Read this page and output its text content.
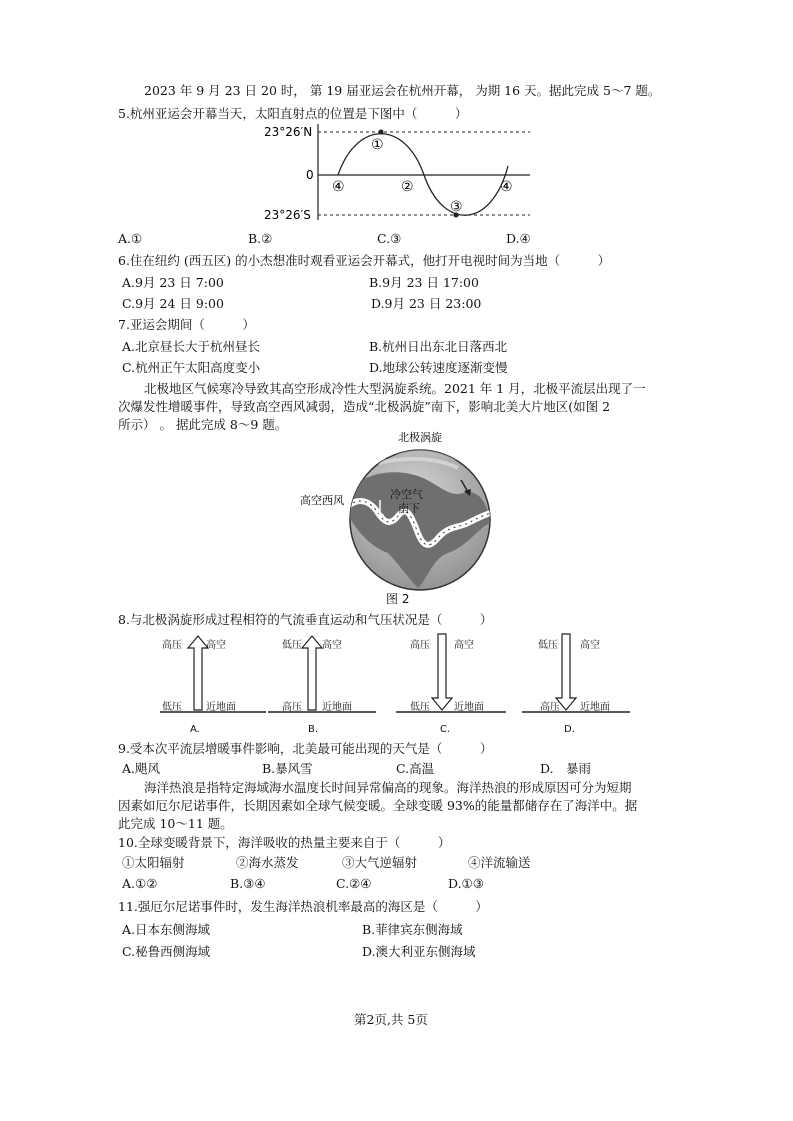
2023 年 9 月 23 日 20 时， 第 19 届亚运会在杭州开幕， 为期 16 天。据此完成 5～7 题。
5.杭州亚运会开幕当天，太阳直射点的位置是下图中（　　　）
23°26′N
0
23°26′S
①
④	②
③
④
A.①	B.②	C.③	D.④
6.住在纽约 (西五区) 的小杰想准时观看亚运会开幕式，他打开电视时间为当地（　　　）
A.9月 23 日 7:00	B.9月 23 日 17:00
C.9月 24 日 9:00	D.9月 23 日 23:00
7.亚运会期间（　　　）
A.北京昼长大于杭州昼长	B.杭州日出东北日落西北
C.杭州正午太阳高度变小	D.地球公转速度逐渐变慢
北极地区气候寒冷导致其高空形成冷性大型涡旋系统。2021 年 1 月，北极平流层出现了一
次爆发性增暖事件，导致高空西风减弱，造成“北极涡旋”南下，影响北美大片地区(如图 2
所示） 。 据此完成 8～9 题。
北极涡旋
高空西风	冷空气
南下
图 2
8.与北极涡旋形成过程相符的气流垂直运动和气压状况是（　　　）
高压 高空
低压 近地面
A.
低压 高空
高压 近地面
B.
高压 高空
低压 近地面
C.
低压 高空
高压 近地面
D.
9.受本次平流层增暖事件影响，北美最可能出现的天气是（　　　）
A.飓风	B.暴风雪	C.高温	D.　暴雨
海洋热浪是指特定海域海水温度长时间异常偏高的现象。海洋热浪的形成原因可分为短期
因素如厄尔尼诺事件，长期因素如全球气候变暖。全球变暖 93%的能量都储存在了海洋中。据
此完成 10～11 题。
10.全球变暖背景下，海洋吸收的热量主要来自于（　　　）
①太阳辐射	②海水蒸发	③大气逆辐射	④洋流输送
A.①②	B.③④	C.②④	D.①③
11.强厄尔尼诺事件时，发生海洋热浪机率最高的海区是（　　　）
A.日本东侧海域	B.菲律宾东侧海域
C.秘鲁西侧海域	D.澳大利亚东侧海域
第2页,共 5页
